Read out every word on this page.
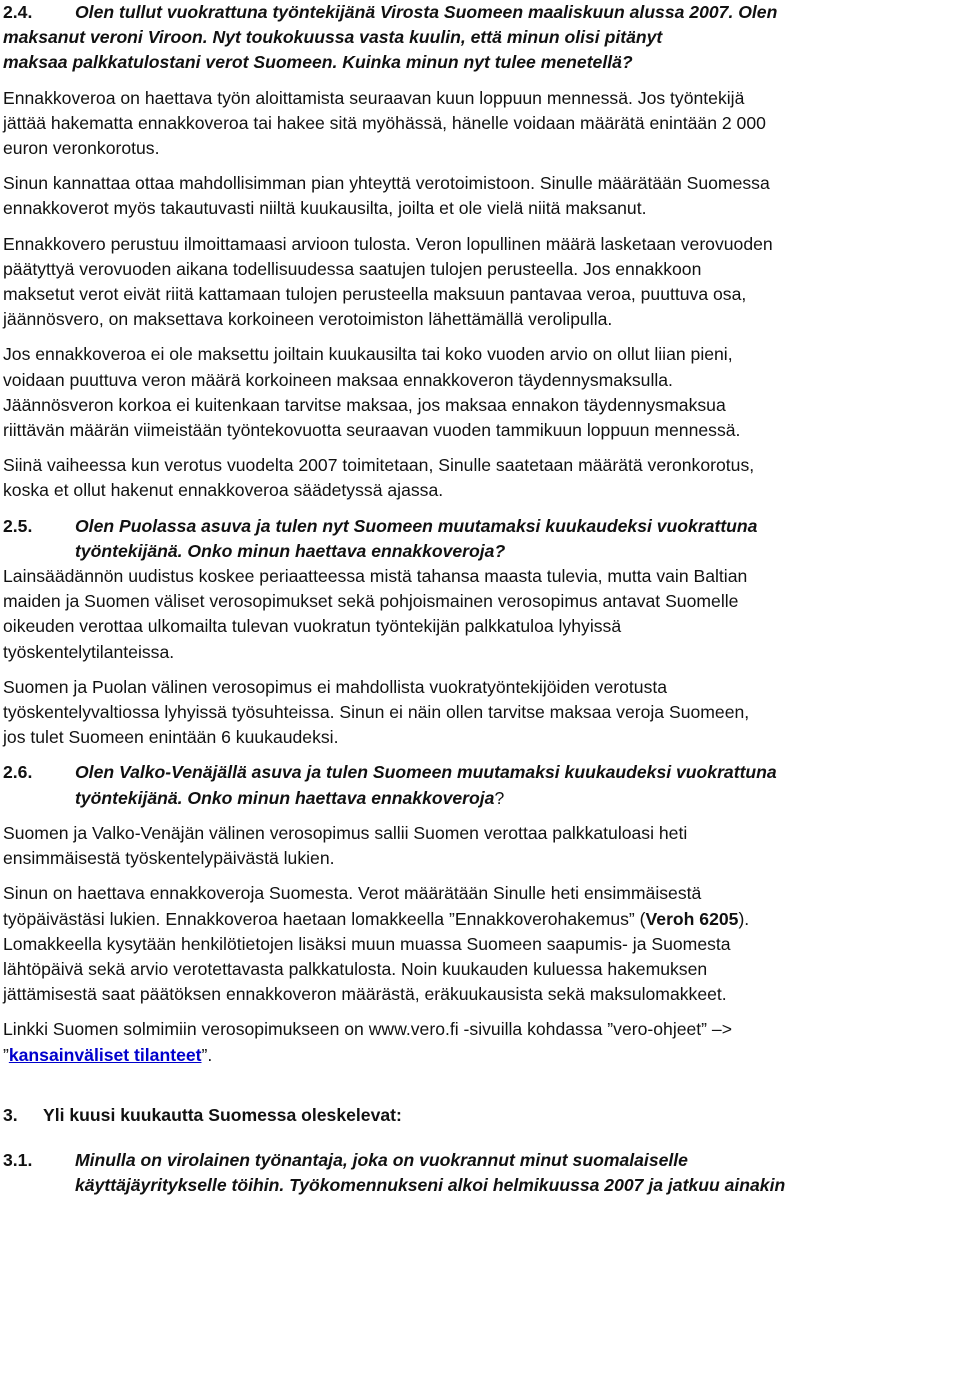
2.4. Olen tullut vuokrattuna työntekijänä Virosta Suomeen maaliskuun alussa 2007. Olen
maksanut veroni Viroon. Nyt toukokuussa vasta kuulin, että minun olisi pitänyt
maksaa palkkatulostani verot Suomeen. Kuinka minun nyt tulee menetellä?
Ennakkoveroa on haettava työn aloittamista seuraavan kuun loppuun mennessä. Jos työntekijä
jättää hakematta ennakkoveroa tai hakee sitä myöhässä, hänelle voidaan määrätä enintään 2 000
euron veronkorotus.
Sinun kannattaa ottaa mahdollisimman pian yhteyttä verotoimistoon. Sinulle määrätään Suomessa
ennakkoverot myös takautuvasti niiltä kuukausilta, joilta et ole vielä niitä maksanut.
Ennakkovero perustuu ilmoittamaasi arvioon tulosta. Veron lopullinen määrä lasketaan verovuoden
päätyttyä verovuoden aikana todellisuudessa saatujen tulojen perusteella. Jos ennakkoon
maksetut verot eivät riitä kattamaan tulojen perusteella maksuun pantavaa veroa, puuttuva osa,
jäännösvero, on maksettava korkoineen verotoimiston lähettämällä verolipulla.
Jos ennakkoveroa ei ole maksettu joiltain kuukausilta tai koko vuoden arvio on ollut liian pieni,
voidaan puuttuva veron määrä korkoineen maksaa ennakkoveron täydennysmaksulla.
Jäännösveron korkoa ei kuitenkaan tarvitse maksaa, jos maksaa ennakon täydennysmaksua
riittävän määrän viimeistään työntekovuotta seuraavan vuoden tammikuun loppuun mennessä.
Siinä vaiheessa kun verotus vuodelta 2007 toimitetaan, Sinulle saatetaan määrätä veronkorotus,
koska et ollut hakenut ennakkoveroa säädetyssä ajassa.
2.5. Olen Puolassa asuva ja tulen nyt Suomeen muutamaksi kuukaudeksi vuokrattuna
työntekijänä. Onko minun haettava ennakkoveroja?
Lainsäädännön uudistus koskee periaatteessa mistä tahansa maasta tulevia, mutta vain Baltian
maiden ja Suomen väliset verosopimukset sekä pohjoismainen verosopimus antavat Suomelle
oikeuden verottaa ulkomailta tulevan vuokratun työntekijän palkkatuloa lyhyissä
työskentelytilanteissa.
Suomen ja Puolan välinen verosopimus ei mahdollista vuokratyöntekijöiden verotusta
työskentelyvaltiossa lyhyissä työsuhteissa. Sinun ei näin ollen tarvitse maksaa veroja Suomeen,
jos tulet Suomeen enintään 6 kuukaudeksi.
2.6. Olen Valko-Venäjällä asuva ja tulen Suomeen muutamaksi kuukaudeksi vuokrattuna
työntekijänä. Onko minun haettava ennakkoveroja?
Suomen ja Valko-Venäjän välinen verosopimus sallii Suomen verottaa palkkatuloasi heti
ensimmäisestä työskentelypäivästä lukien.
Sinun on haettava ennakkoveroja Suomesta. Verot määrätään Sinulle heti ensimmäisestä
työpäivästäsi lukien. Ennakkoveroa haetaan lomakkeella ”Ennakkoverohakemus” (Veroh 6205).
Lomakkeella kysytään henkilötietojen lisäksi muun muassa Suomeen saapumis- ja Suomesta
lähtöpäivä sekä arvio verotettavasta palkkatulosta. Noin kuukauden kuluessa hakemuksen
jättämisestä saat päätöksen ennakkoveron määrästä, eräkuukausista sekä maksulomakkeet.
Linkki Suomen solmimiin verosopimukseen on www.vero.fi -sivuilla kohdassa ”vero-ohjeet” –>
”kansainväliset tilanteet”.
3. Yli kuusi kuukautta Suomessa oleskelevat:
3.1. Minulla on virolainen työnantaja, joka on vuokrannut minut suomalaiselle
käyttäjäyritykselle töihin. Työkomennukseni alkoi helmikuussa 2007 ja jatkuu ainakin
